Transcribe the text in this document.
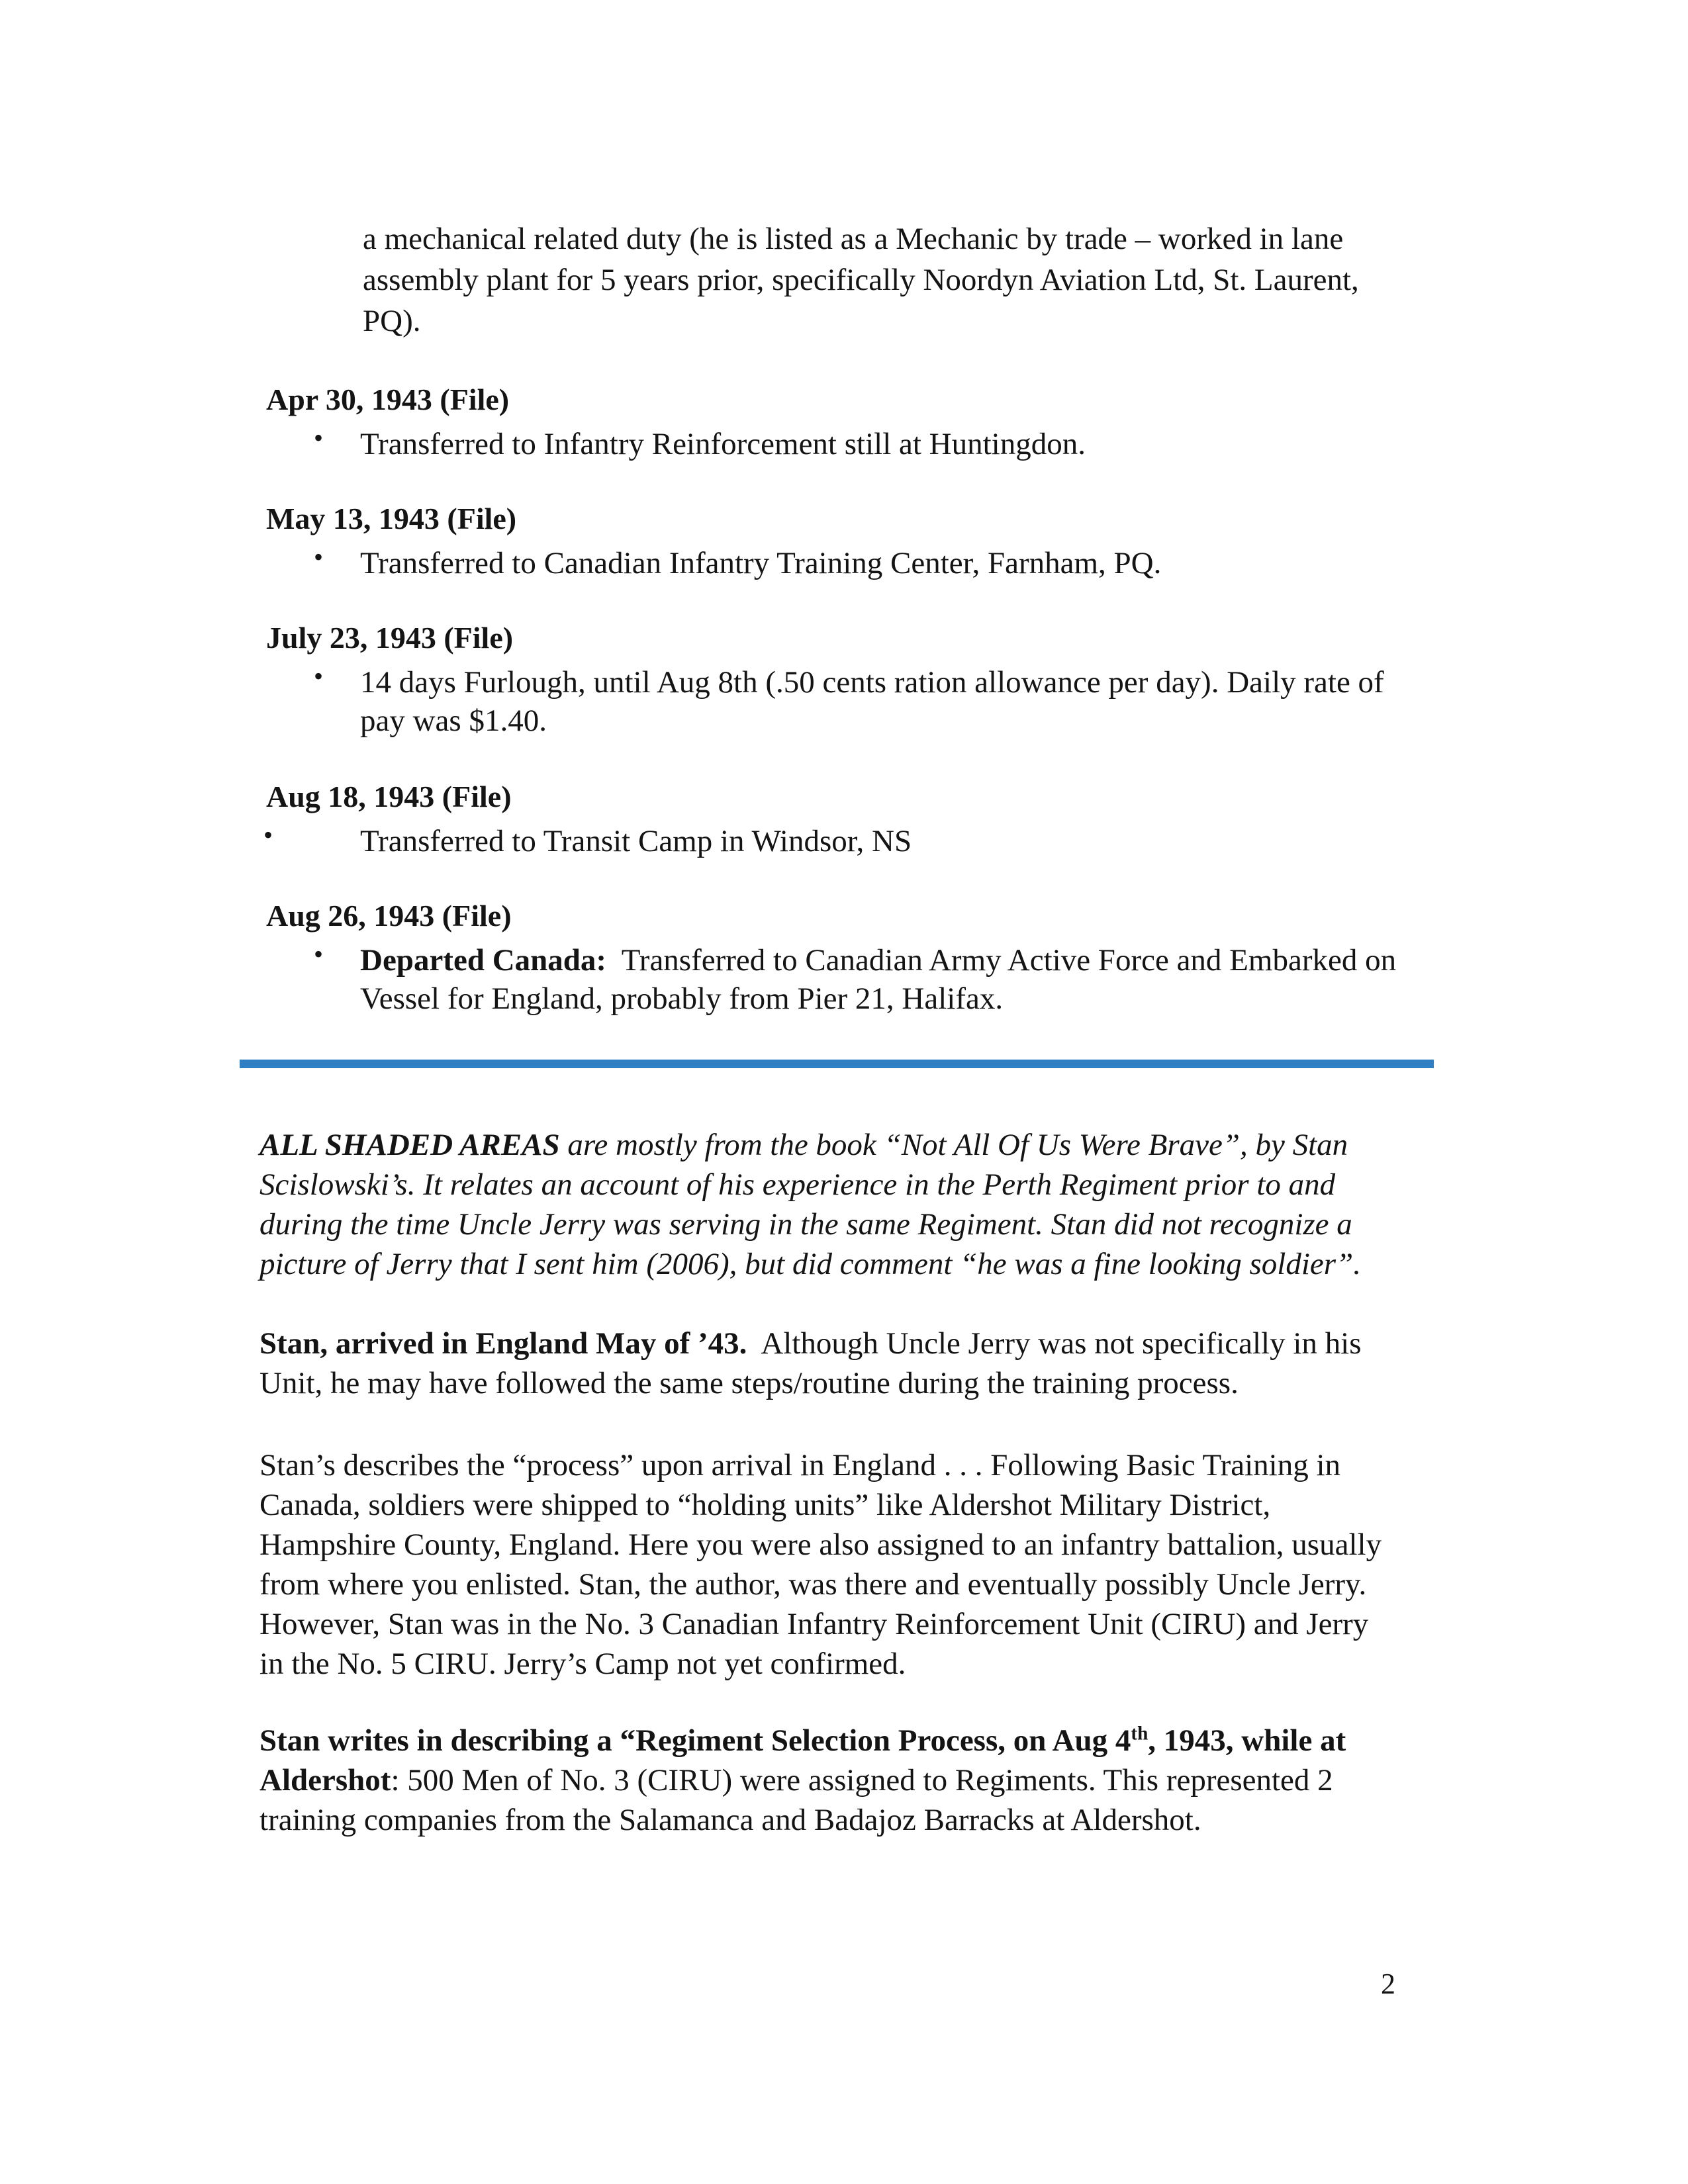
a mechanical related duty (he is listed as a Mechanic by trade – worked in lane assembly plant for 5 years prior, specifically Noordyn Aviation Ltd, St. Laurent, PQ).
Apr 30, 1943 (File)
• Transferred to Infantry Reinforcement still at Huntingdon.
May 13, 1943 (File)
• Transferred to Canadian Infantry Training Center, Farnham, PQ.
July 23, 1943 (File)
• 14 days Furlough, until Aug 8th (.50 cents ration allowance per day). Daily rate of pay was $1.40.
Aug 18, 1943 (File)
•	Transferred to Transit Camp in Windsor, NS
Aug 26, 1943 (File)
• Departed Canada: Transferred to Canadian Army Active Force and Embarked on Vessel for England, probably from Pier 21, Halifax.
ALL SHADED AREAS are mostly from the book “Not All Of Us Were Brave”, by Stan Scislowski’s. It relates an account of his experience in the Perth Regiment prior to and during the time Uncle Jerry was serving in the same Regiment. Stan did not recognize a picture of Jerry that I sent him (2006), but did comment “he was a fine looking soldier”.
Stan, arrived in England May of ’43. Although Uncle Jerry was not specifically in his Unit, he may have followed the same steps/routine during the training process.
Stan’s describes the “process” upon arrival in England . . . Following Basic Training in Canada, soldiers were shipped to “holding units” like Aldershot Military District, Hampshire County, England. Here you were also assigned to an infantry battalion, usually from where you enlisted. Stan, the author, was there and eventually possibly Uncle Jerry. However, Stan was in the No. 3 Canadian Infantry Reinforcement Unit (CIRU) and Jerry in the No. 5 CIRU. Jerry’s Camp not yet confirmed.
Stan writes in describing a “Regiment Selection Process, on Aug 4th, 1943, while at Aldershot: 500 Men of No. 3 (CIRU) were assigned to Regiments. This represented 2 training companies from the Salamanca and Badajoz Barracks at Aldershot.
2
